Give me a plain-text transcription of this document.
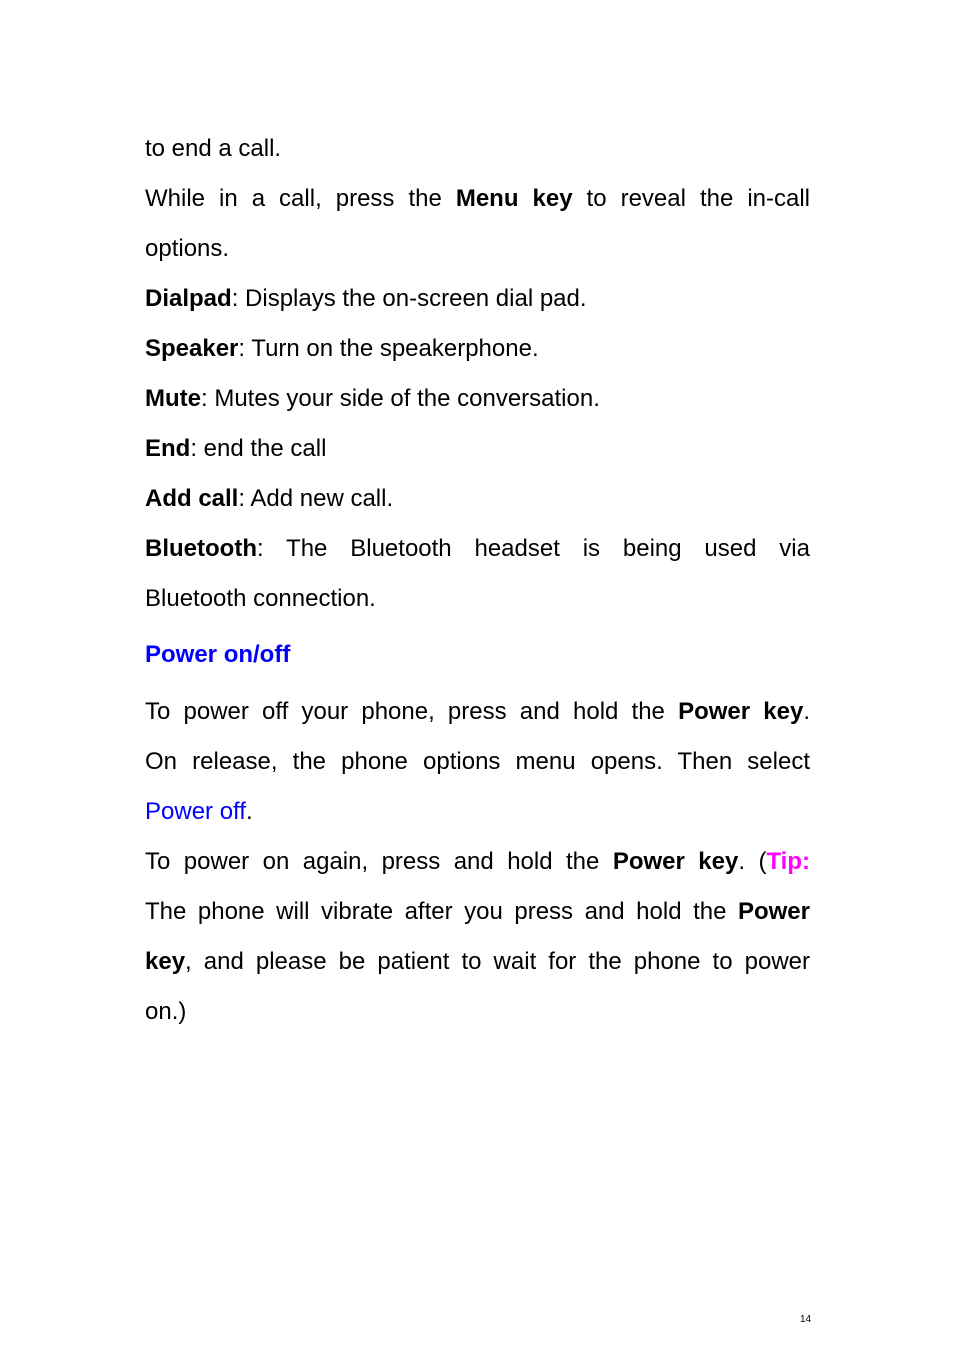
to end a call.
While in a call, press the Menu key to reveal the in-call
options.
Dialpad: Displays the on-screen dial pad.
Speaker: Turn on the speakerphone.
Mute: Mutes your side of the conversation.
End: end the call
Add call: Add new call.
Bluetooth: The Bluetooth headset is being used via
Bluetooth connection.
Power on/off
To power off your phone, press and hold the Power key.
On release, the phone options menu opens. Then select
Power off.
To power on again, press and hold the Power key. (Tip:
The phone will vibrate after you press and hold the Power
key, and please be patient to wait for the phone to power
on.)
14
